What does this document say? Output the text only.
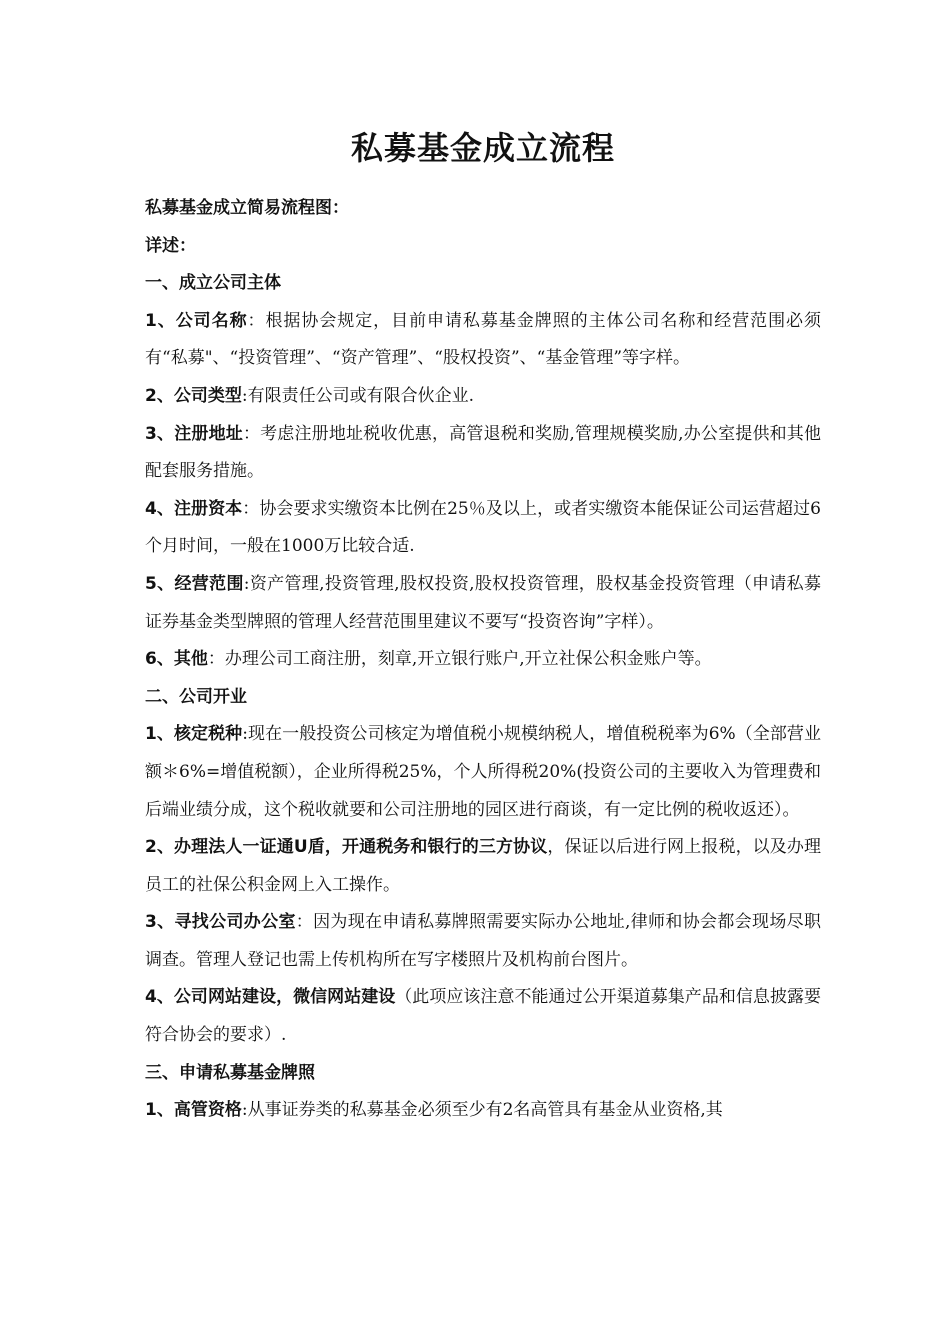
私募基金成立流程

私募基金成立简易流程图：

详述：

一、成立公司主体

1、公司名称：根据协会规定，目前申请私募基金牌照的主体公司名称和经营范围必须有“私募"、“投资管理”、“资产管理”、“股权投资”、“基金管理”等字样。

2、公司类型:有限责任公司或有限合伙企业.

3、注册地址：考虑注册地址税收优惠，高管退税和奖励,管理规模奖励,办公室提供和其他配套服务措施。

4、注册资本：协会要求实缴资本比例在25％及以上，或者实缴资本能保证公司运营超过6个月时间，一般在1000万比较合适.

5、经营范围:资产管理,投资管理,股权投资,股权投资管理，股权基金投资管理（申请私募证券基金类型牌照的管理人经营范围里建议不要写“投资咨询”字样）。

6、其他：办理公司工商注册，刻章,开立银行账户,开立社保公积金账户等。

二、公司开业

1、核定税种:现在一般投资公司核定为增值税小规模纳税人，增值税税率为6%（全部营业额＊6%=增值税额），企业所得税25%，个人所得税20%(投资公司的主要收入为管理费和后端业绩分成，这个税收就要和公司注册地的园区进行商谈，有一定比例的税收返还）。

2、办理法人一证通U盾，开通税务和银行的三方协议，保证以后进行网上报税，以及办理员工的社保公积金网上入工操作。

3、寻找公司办公室：因为现在申请私募牌照需要实际办公地址,律师和协会都会现场尽职调查。管理人登记也需上传机构所在写字楼照片及机构前台图片。

4、公司网站建设，微信网站建设（此项应该注意不能通过公开渠道募集产品和信息披露要符合协会的要求）.

三、申请私募基金牌照

1、高管资格:从事证券类的私募基金必须至少有2名高管具有基金从业资格,其
